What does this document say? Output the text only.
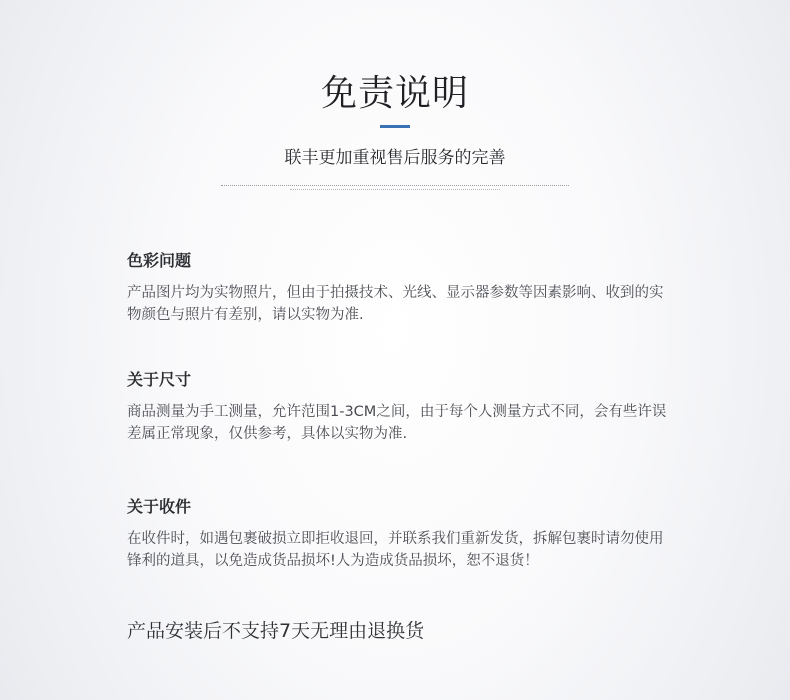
免责说明
联丰更加重视售后服务的完善
色彩问题

产品图片均为实物照片，但由于拍摄技术、光线、显示器参数等因素影响、收到的实物颜色与照片有差别，请以实物为准.

关于尺寸

商品测量为手工测量，允许范围1-3CM之间，由于每个人测量方式不同，会有些许误差属正常现象，仅供参考，具体以实物为准.

关于收件

在收件时，如遇包裹破损立即拒收退回，并联系我们重新发货，拆解包裹时请勿使用锋利的道具，以免造成货品损坏!人为造成货品损坏，恕不退货！

产品安装后不支持7天无理由退换货
